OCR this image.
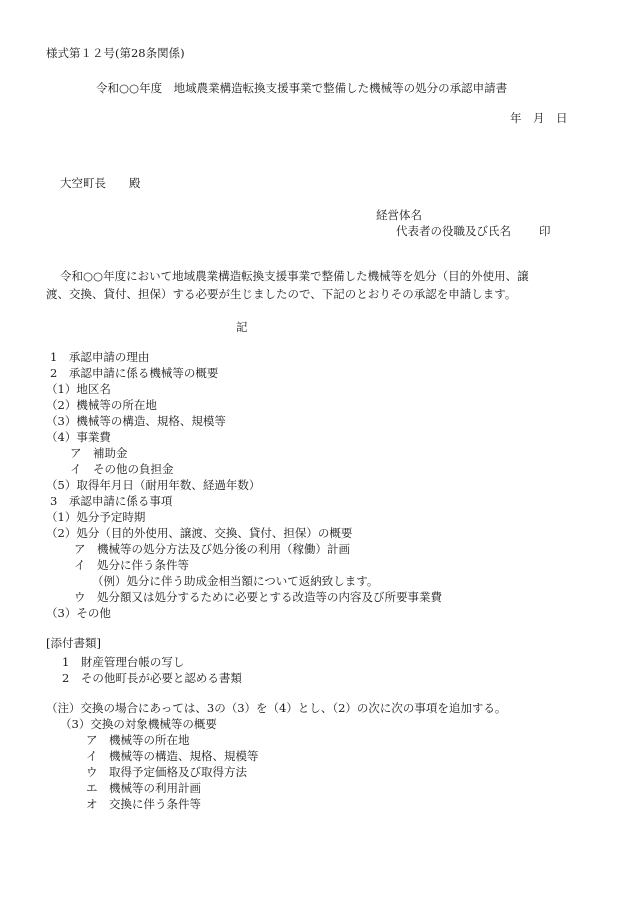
様式第１２号(第28条関係)
令和○○年度　地域農業構造転換支援事業で整備した機械等の処分の承認申請書
年　月　日
大空町長　　殿
経営体名
代表者の役職及び氏名 印
令和○○年度において地域農業構造転換支援事業で整備した機械等を処分（目的外使用、譲
渡、交換、貸付、担保）する必要が生じましたので、下記のとおりその承認を申請します。
記
1　承認申請の理由
2　承認申請に係る機械等の概要
（1）地区名
（2）機械等の所在地
（3）機械等の構造、規格、規模等
（4）事業費
ア　補助金
イ　その他の負担金
（5）取得年月日（耐用年数、経過年数）
3　承認申請に係る事項
（1）処分予定時期
（2）処分（目的外使用、譲渡、交換、貸付、担保）の概要
ア　機械等の処分方法及び処分後の利用（稼働）計画
イ　処分に伴う条件等
（例）処分に伴う助成金相当額について返納致します。
ウ　処分額又は処分するために必要とする改造等の内容及び所要事業費
（3）その他
[添付書類]
1　財産管理台帳の写し
2　その他町長が必要と認める書類
（注）交換の場合にあっては、3の（3）を（4）とし、（2）の次に次の事項を追加する。
（3）交換の対象機械等の概要
ア　機械等の所在地
イ　機械等の構造、規格、規模等
ウ　取得予定価格及び取得方法
エ　機械等の利用計画
オ　交換に伴う条件等
